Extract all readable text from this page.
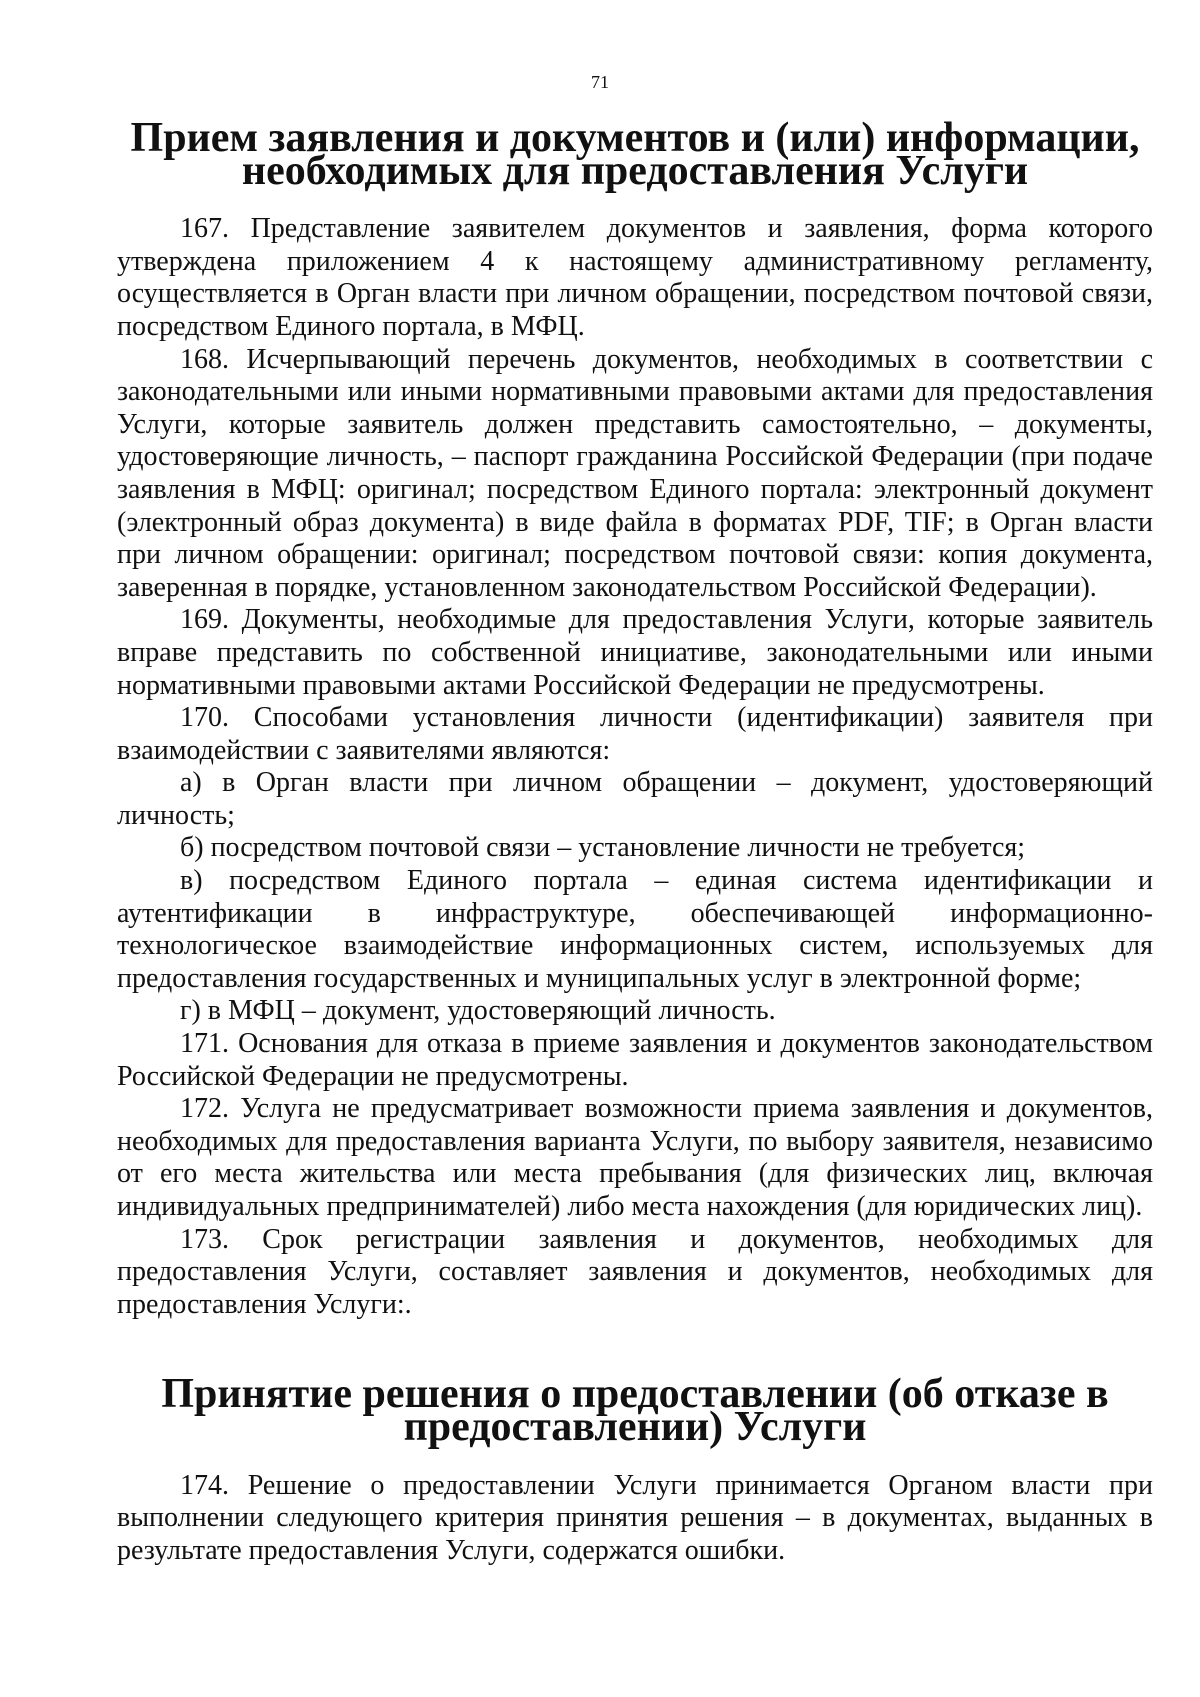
71
Прием заявления и документов и (или) информации, необходимых для предоставления Услуги

167. Представление заявителем документов и заявления, форма которого утверждена приложением 4 к настоящему административному регламенту, осуществляется в Орган власти при личном обращении, посредством почтовой связи, посредством Единого портала, в МФЦ.

168. Исчерпывающий перечень документов, необходимых в соответствии с законодательными или иными нормативными правовыми актами для предоставления Услуги, которые заявитель должен представить самостоятельно, – документы, удостоверяющие личность, – паспорт гражданина Российской Федерации (при подаче заявления в МФЦ: оригинал; посредством Единого портала: электронный документ (электронный образ документа) в виде файла в форматах PDF, TIF; в Орган власти при личном обращении: оригинал; посредством почтовой связи: копия документа, заверенная в порядке, установленном законодательством Российской Федерации).

169. Документы, необходимые для предоставления Услуги, которые заявитель вправе представить по собственной инициативе, законодательными или иными нормативными правовыми актами Российской Федерации не предусмотрены.

170. Способами установления личности (идентификации) заявителя при взаимодействии с заявителями являются:

а) в Орган власти при личном обращении – документ, удостоверяющий личность;

б) посредством почтовой связи – установление личности не требуется;

в) посредством Единого портала – единая система идентификации и аутентификации в инфраструктуре, обеспечивающей информационно-технологическое взаимодействие информационных систем, используемых для предоставления государственных и муниципальных услуг в электронной форме;

г) в МФЦ – документ, удостоверяющий личность.

171. Основания для отказа в приеме заявления и документов законодательством Российской Федерации не предусмотрены.

172. Услуга не предусматривает возможности приема заявления и документов, необходимых для предоставления варианта Услуги, по выбору заявителя, независимо от его места жительства или места пребывания (для физических лиц, включая индивидуальных предпринимателей) либо места нахождения (для юридических лиц).

173. Срок регистрации заявления и документов, необходимых для предоставления Услуги, составляет заявления и документов, необходимых для предоставления Услуги:.

Принятие решения о предоставлении (об отказе в предоставлении) Услуги

174. Решение о предоставлении Услуги принимается Органом власти при выполнении следующего критерия принятия решения – в документах, выданных в результате предоставления Услуги, содержатся ошибки.
